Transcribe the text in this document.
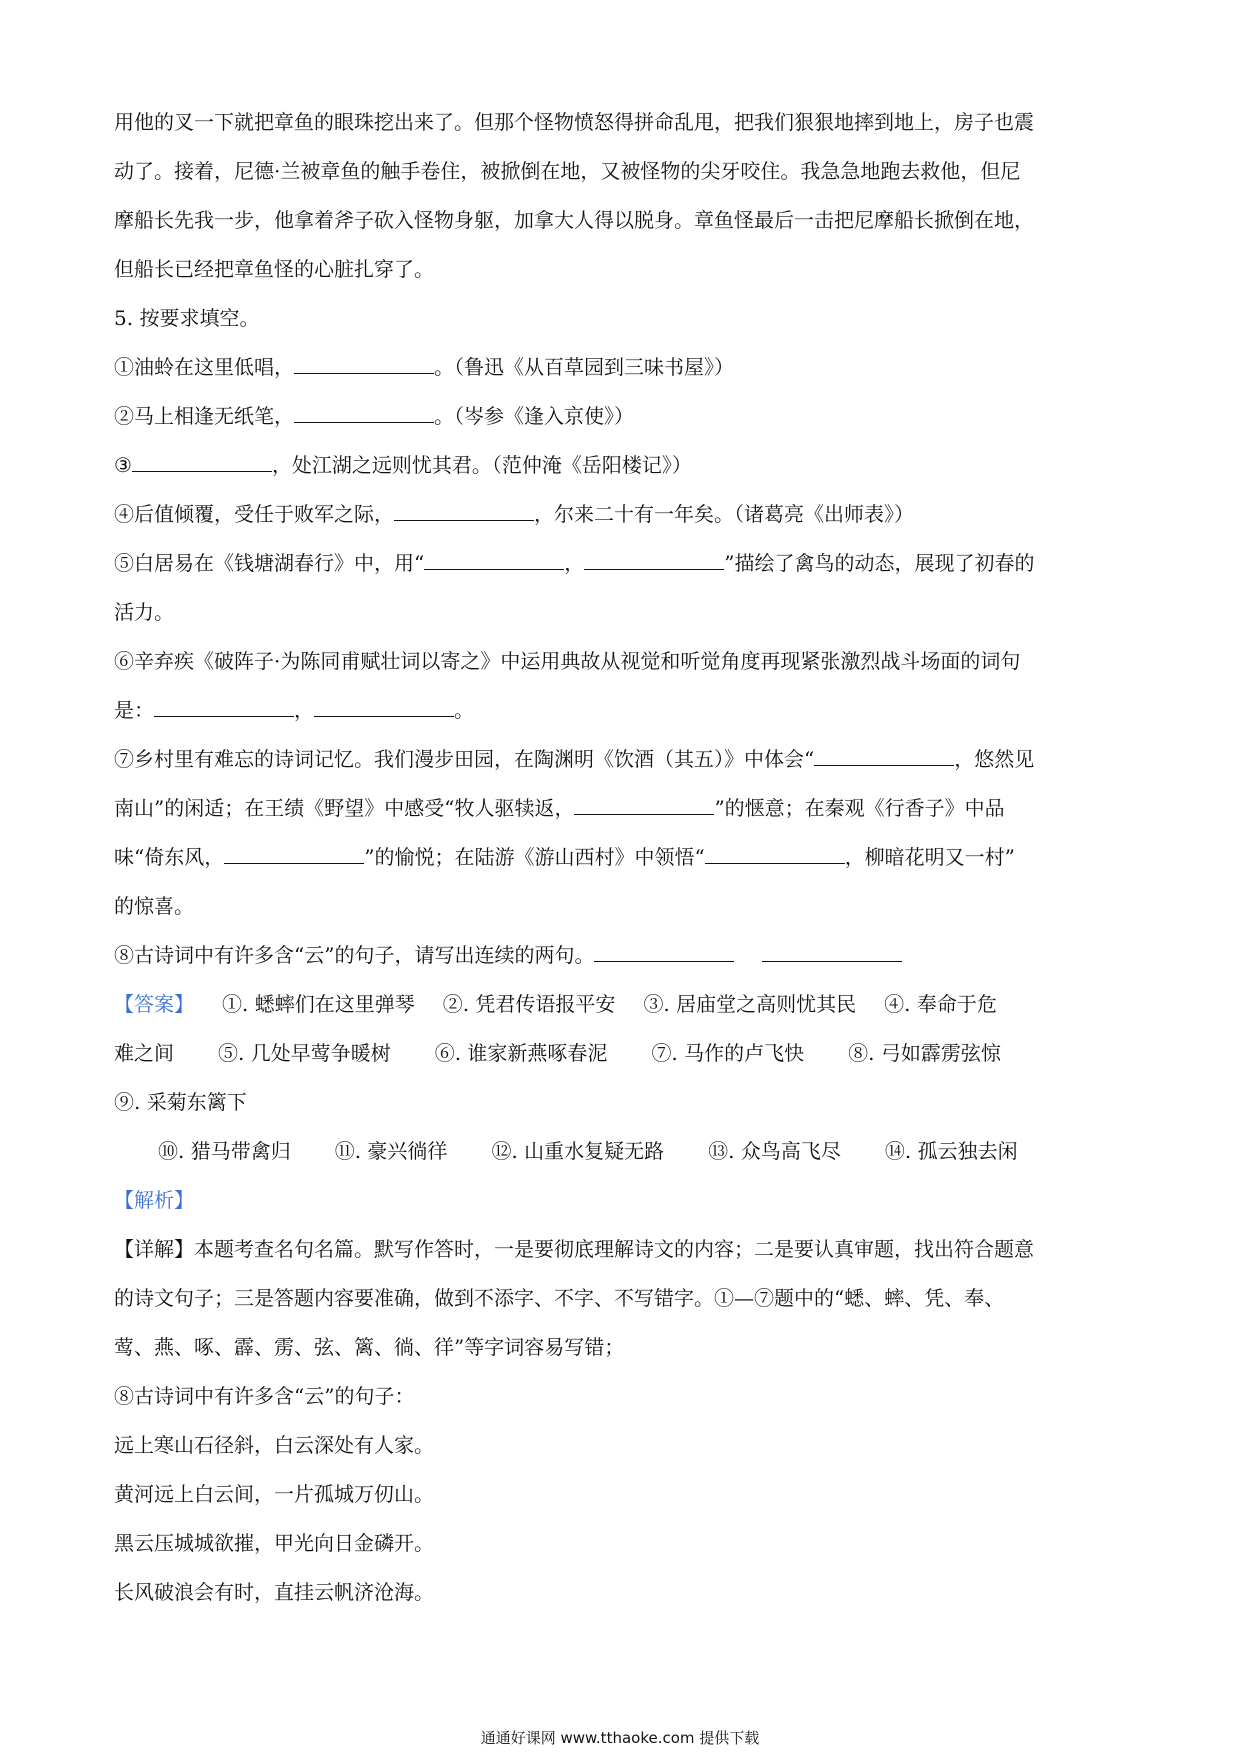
用他的叉一下就把章鱼的眼珠挖出来了。但那个怪物愤怒得拼命乱甩，把我们狠狠地摔到地上，房子也震
动了。接着，尼德·兰被章鱼的触手卷住，被掀倒在地，又被怪物的尖牙咬住。我急急地跑去救他，但尼
摩船长先我一步，他拿着斧子砍入怪物身躯，加拿大人得以脱身。章鱼怪最后一击把尼摩船长掀倒在地，
但船长已经把章鱼怪的心脏扎穿了。
5. 按要求填空。
①油蛉在这里低唱，	。（鲁迅《从百草园到三味书屋》）
②马上相逢无纸笔，	。（岑参《逢入京使》）
③	，处江湖之远则忧其君。（范仲淹《岳阳楼记》）
④后值倾覆，受任于败军之际，	，尔来二十有一年矣。（诸葛亮《出师表》）
⑤白居易在《钱塘湖春行》中，用“	，	”描绘了禽鸟的动态，展现了初春的
活力。
⑥辛弃疾《破阵子·为陈同甫赋壮词以寄之》中运用典故从视觉和听觉角度再现紧张激烈战斗场面的词句
是：	，	。
⑦乡村里有难忘的诗词记忆。我们漫步田园，在陶渊明《饮酒（其五）》中体会“	，悠然见
南山”的闲适；在王绩《野望》中感受“牧人驱犊返，	”的惬意；在秦观《行香子》中品
味“倚东风，	”的愉悦；在陆游《游山西村》中领悟“	，柳暗花明又一村”
的惊喜。
⑧古诗词中有许多含“云”的句子，请写出连续的两句。
【答案】 ①. 蟋蟀们在这里弹琴 ②. 凭君传语报平安 ③. 居庙堂之高则忧其民 ④. 奉命于危
难之间 ⑤. 几处早莺争暖树 ⑥. 谁家新燕啄春泥 ⑦. 马作的卢飞快 ⑧. 弓如霹雳弦惊
⑨. 采菊东篱下
⑩. 猎马带禽归 ⑪. 豪兴徜徉 ⑫. 山重水复疑无路 ⑬. 众鸟高飞尽 ⑭. 孤云独去闲
【解析】
【详解】本题考查名句名篇。默写作答时，一是要彻底理解诗文的内容；二是要认真审题，找出符合题意
的诗文句子；三是答题内容要准确，做到不添字、不字、不写错字。①—⑦题中的“蟋、蟀、凭、奉、
莺、燕、啄、霹、雳、弦、篱、徜、徉”等字词容易写错；
⑧古诗词中有许多含“云”的句子：
远上寒山石径斜，白云深处有人家。
黄河远上白云间，一片孤城万仞山。
黑云压城城欲摧，甲光向日金磷开。
长风破浪会有时，直挂云帆济沧海。
通通好课网 www.tthaoke.com 提供下载
